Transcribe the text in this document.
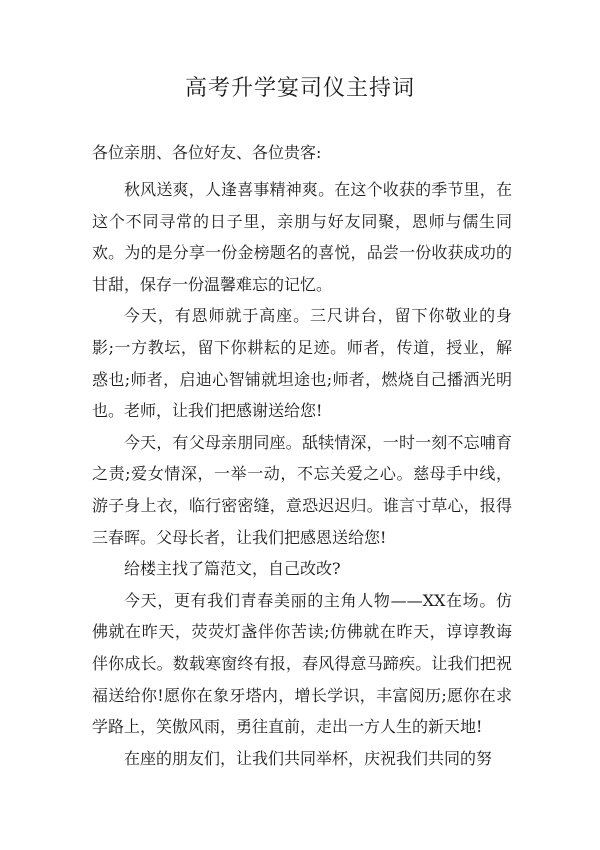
高考升学宴司仪主持词
各位亲朋、各位好友、各位贵客:

秋风送爽，人逢喜事精神爽。在这个收获的季节里，在这个不同寻常的日子里，亲朋与好友同聚，恩师与儒生同欢。为的是分享一份金榜题名的喜悦，品尝一份收获成功的甘甜，保存一份温馨难忘的记忆。

今天，有恩师就于高座。三尺讲台，留下你敬业的身影;一方教坛，留下你耕耘的足迹。师者，传道，授业，解惑也;师者，启迪心智铺就坦途也;师者，燃烧自己播洒光明也。老师，让我们把感谢送给您!

今天，有父母亲朋同座。舐犊情深，一时一刻不忘哺育之责;爱女情深，一举一动，不忘关爱之心。慈母手中线，游子身上衣，临行密密缝，意恐迟迟归。谁言寸草心，报得三春晖。父母长者，让我们把感恩送给您!

给楼主找了篇范文，自己改改?

今天，更有我们青春美丽的主角人物——XX在场。仿佛就在昨天，荧荧灯盏伴你苦读;仿佛就在昨天，谆谆教诲伴你成长。数载寒窗终有报，春风得意马蹄疾。让我们把祝福送给你!愿你在象牙塔内，增长学识，丰富阅历;愿你在求学路上，笑傲风雨，勇往直前，走出一方人生的新天地!

在座的朋友们，让我们共同举杯，庆祝我们共同的努
